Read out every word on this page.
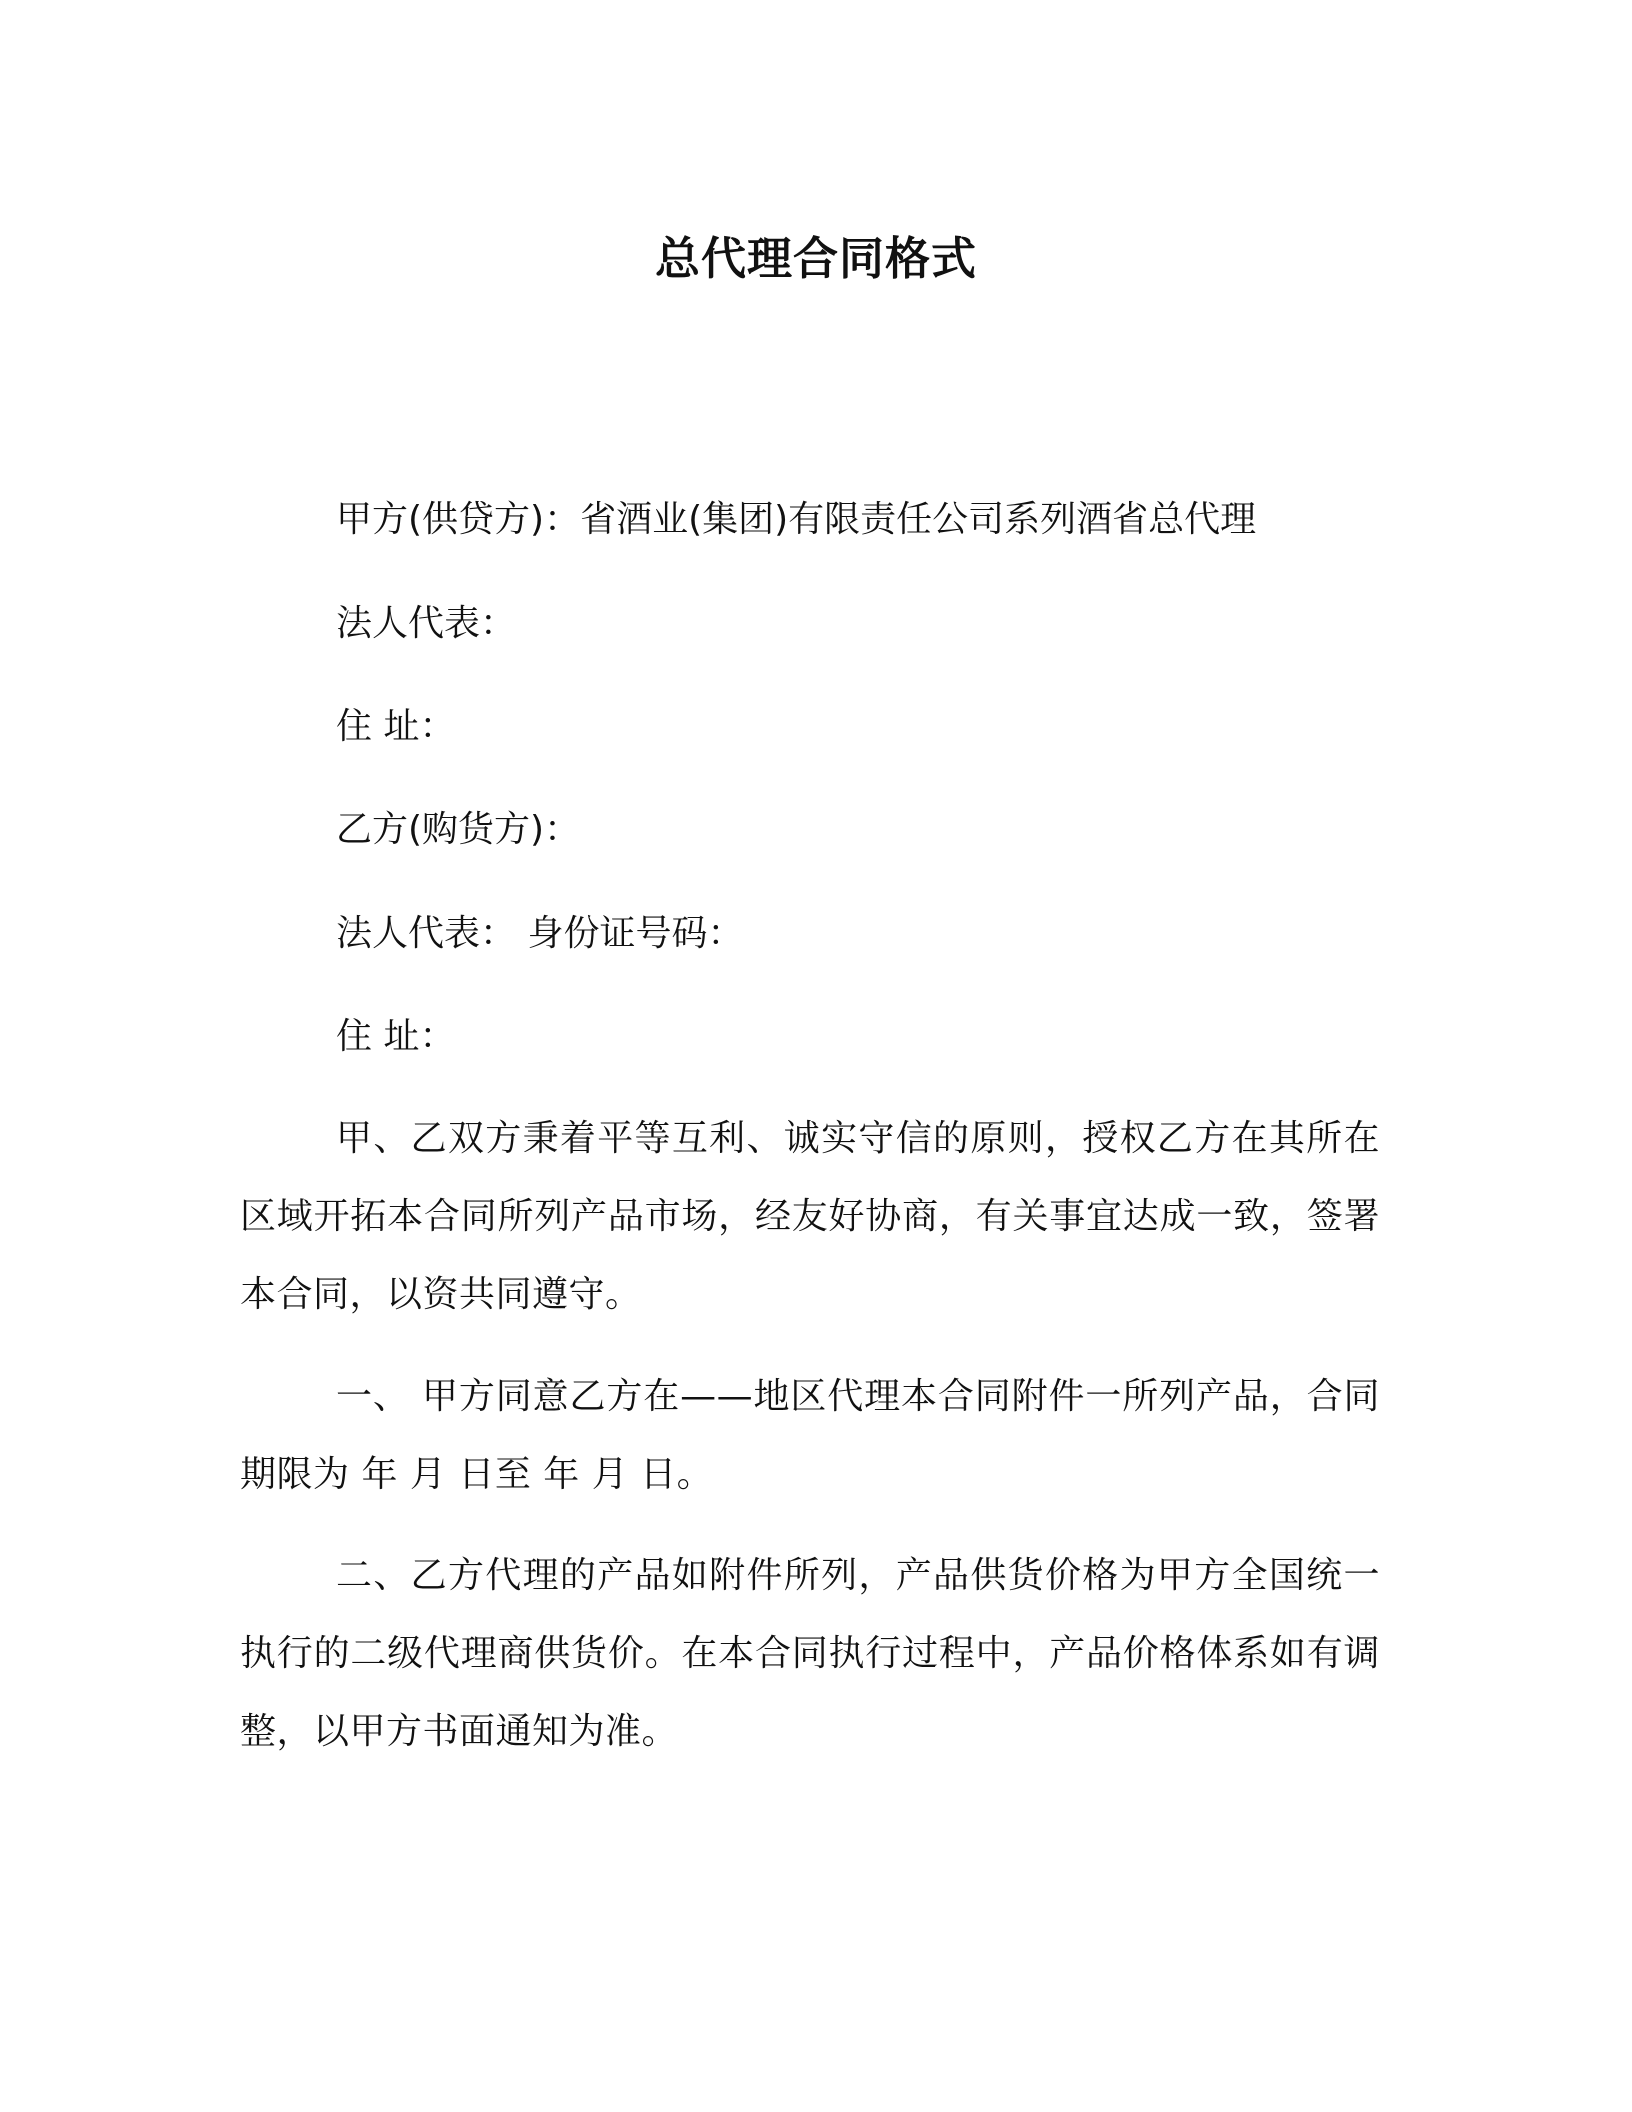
总代理合同格式
甲方(供贷方)：省酒业(集团)有限责任公司系列酒省总代理
法人代表：
住 址：
乙方(购货方)：
法人代表： 身份证号码：
住 址：
甲、乙双方秉着平等互利、诚实守信的原则，授权乙方在其所在区域开拓本合同所列产品市场，经友好协商，有关事宜达成一致，签署本合同，以资共同遵守。
一、 甲方同意乙方在——地区代理本合同附件一所列产品，合同期限为 年 月 日至 年 月 日。
二、乙方代理的产品如附件所列，产品供货价格为甲方全国统一执行的二级代理商供货价。在本合同执行过程中，产品价格体系如有调整，以甲方书面通知为准。
